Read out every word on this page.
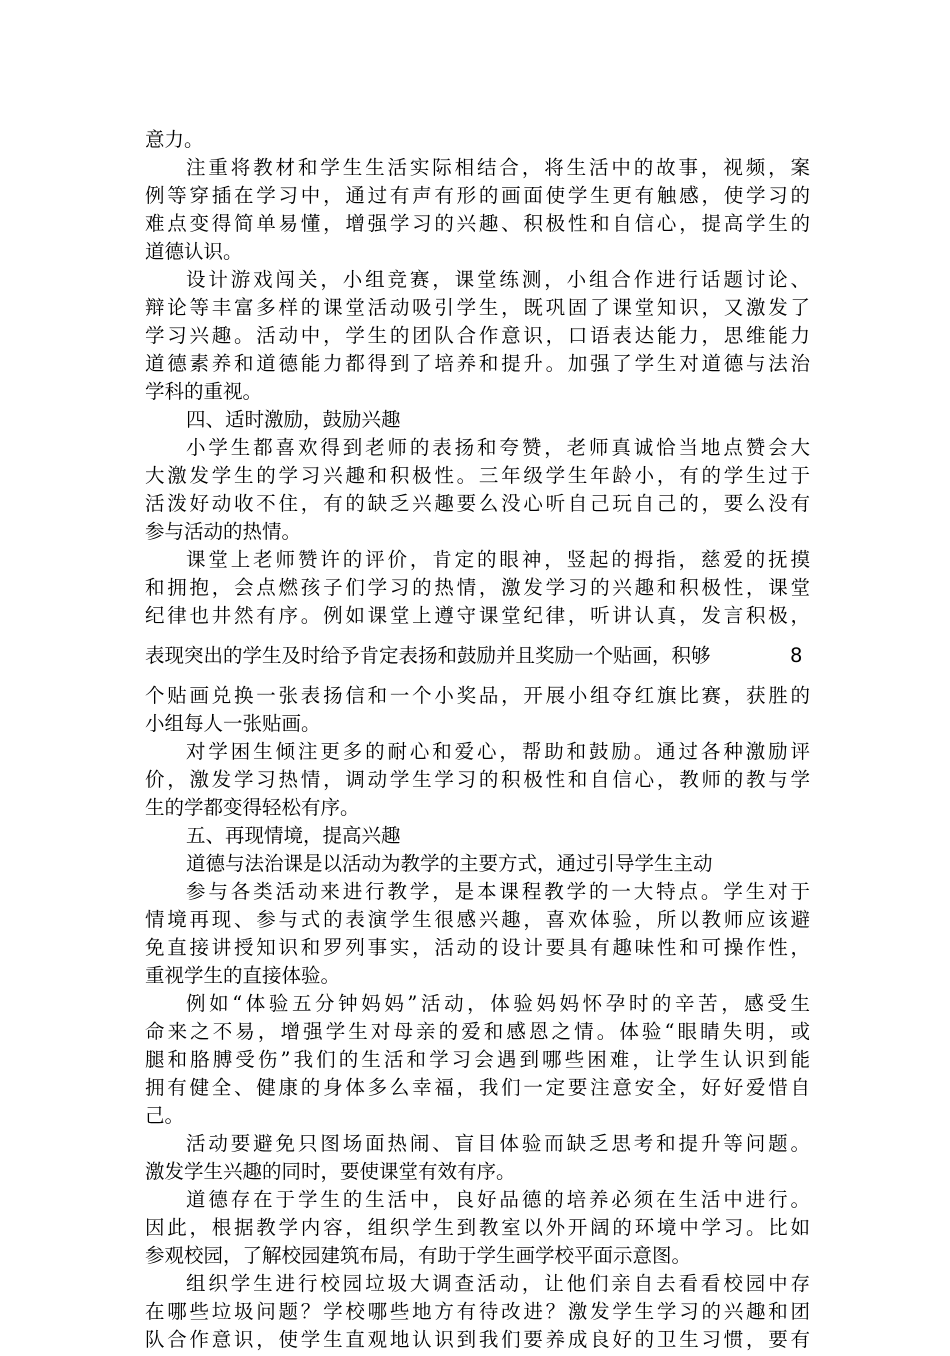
意力。

注重将教材和学生生活实际相结合，将生活中的故事，视频，案

例等穿插在学习中，通过有声有形的画面使学生更有触感，使学习的

难点变得简单易懂，增强学习的兴趣、积极性和自信心，提高学生的

道德认识。

设计游戏闯关，小组竞赛，课堂练测，小组合作进行话题讨论、

辩论等丰富多样的课堂活动吸引学生，既巩固了课堂知识，又激发了

学习兴趣。活动中，学生的团队合作意识，口语表达能力，思维能力

道德素养和道德能力都得到了培养和提升。加强了学生对道德与法治

学科的重视。

四、适时激励，鼓励兴趣

小学生都喜欢得到老师的表扬和夸赞，老师真诚恰当地点赞会大

大激发学生的学习兴趣和积极性。三年级学生年龄小，有的学生过于

活泼好动收不住，有的缺乏兴趣要么没心听自己玩自己的，要么没有

参与活动的热情。

课堂上老师赞许的评价，肯定的眼神，竖起的拇指，慈爱的抚摸

和拥抱，会点燃孩子们学习的热情，激发学习的兴趣和积极性，课堂

纪律也井然有序。例如课堂上遵守课堂纪律，听讲认真，发言积极，

表现突出的学生及时给予肯定表扬和鼓励并且奖励一个贴画，积够	8

个贴画兑换一张表扬信和一个小奖品，开展小组夺红旗比赛，获胜的

小组每人一张贴画。

对学困生倾注更多的耐心和爱心，帮助和鼓励。通过各种激励评

价，激发学习热情，调动学生学习的积极性和自信心，教师的教与学

生的学都变得轻松有序。

五、再现情境，提高兴趣

道德与法治课是以活动为教学的主要方式，通过引导学生主动

参与各类活动来进行教学，是本课程教学的一大特点。学生对于

情境再现、参与式的表演学生很感兴趣，喜欢体验，所以教师应该避

免直接讲授知识和罗列事实，活动的设计要具有趣味性和可操作性，

重视学生的直接体验。

例如“体验五分钟妈妈”活动，体验妈妈怀孕时的辛苦，感受生

命来之不易，增强学生对母亲的爱和感恩之情。体验“眼睛失明，或

腿和胳膊受伤”我们的生活和学习会遇到哪些困难，让学生认识到能

拥有健全、健康的身体多么幸福，我们一定要注意安全，好好爱惜自

己。

活动要避免只图场面热闹、盲目体验而缺乏思考和提升等问题。

激发学生兴趣的同时，要使课堂有效有序。

道德存在于学生的生活中，良好品德的培养必须在生活中进行。

因此，根据教学内容，组织学生到教室以外开阔的环境中学习。比如

参观校园，了解校园建筑布局，有助于学生画学校平面示意图。

组织学生进行校园垃圾大调查活动，让他们亲自去看看校园中存

在哪些垃圾问题？学校哪些地方有待改进？激发学生学习的兴趣和团

队合作意识，使学生直观地认识到我们要养成良好的卫生习惯，要有
